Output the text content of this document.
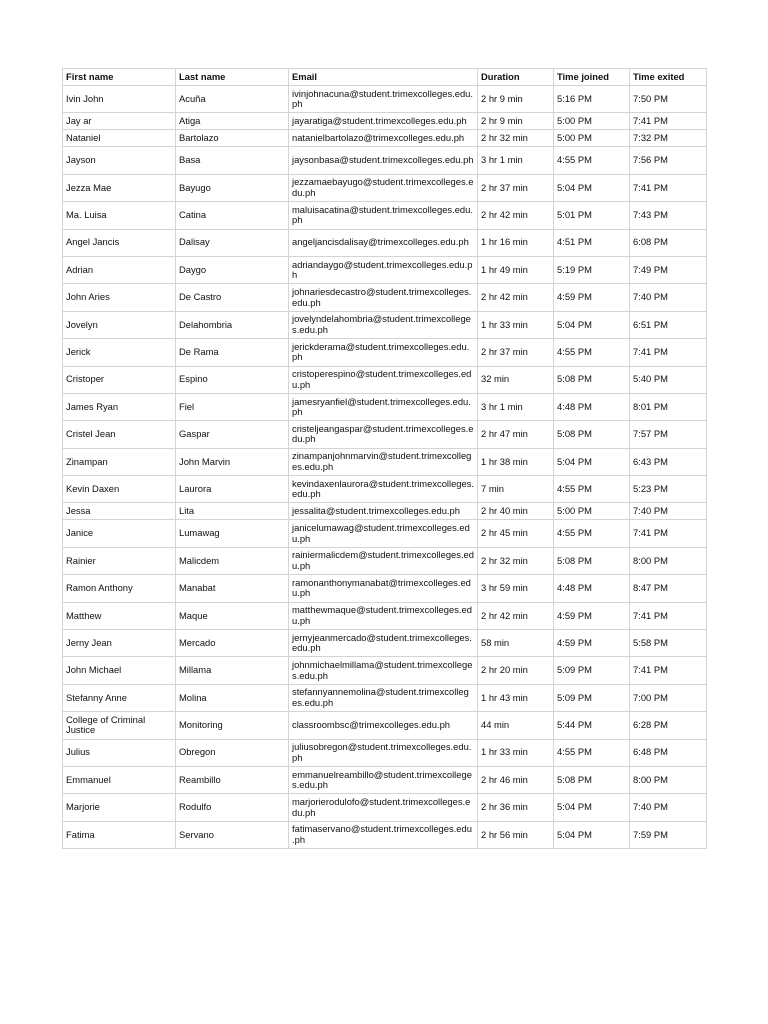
First name	Last name	Email	Duration	Time joined	Time exited
Ivin John	Acuña	ivinjohnacuna@student.trimexcolleges.edu.ph	2 hr 9 min	5:16 PM	7:50 PM
Jay ar	Atiga	jayaratiga@student.trimexcolleges.edu.ph	2 hr 9 min	5:00 PM	7:41 PM
Nataniel	Bartolazo	natanielbartolazo@trimexcolleges.edu.ph	2 hr 32 min	5:00 PM	7:32 PM
Jayson	Basa	jaysonbasa@student.trimexcolleges.edu.ph	3 hr 1 min	4:55 PM	7:56 PM
Jezza Mae	Bayugo	jezzamaebayugo@student.trimexcolleges.edu.ph	2 hr 37 min	5:04 PM	7:41 PM
Ma. Luisa	Catina	maluisacatina@student.trimexcolleges.edu.ph	2 hr 42 min	5:01 PM	7:43 PM
Angel Jancis	Dalisay	angeljancisdalisay@trimexcolleges.edu.ph	1 hr 16 min	4:51 PM	6:08 PM
Adrian	Daygo	adriandaygo@student.trimexcolleges.edu.ph	1 hr 49 min	5:19 PM	7:49 PM
John Aries	De Castro	johnariesdecastro@student.trimexcolleges.edu.ph	2 hr 42 min	4:59 PM	7:40 PM
Jovelyn	Delahombria	jovelyndelahombria@student.trimexcolleges.edu.ph	1 hr 33 min	5:04 PM	6:51 PM
Jerick	De Rama	jerickderama@student.trimexcolleges.edu.ph	2 hr 37 min	4:55 PM	7:41 PM
Cristoper	Espino	cristoperespino@student.trimexcolleges.edu.ph	32 min	5:08 PM	5:40 PM
James Ryan	Fiel	jamesryanfiel@student.trimexcolleges.edu.ph	3 hr 1 min	4:48 PM	8:01 PM
Cristel Jean	Gaspar	cristeljeangaspar@student.trimexcolleges.edu.ph	2 hr 47 min	5:08 PM	7:57 PM
Zinampan	John Marvin	zinampanjohnmarvin@student.trimexcolleges.edu.ph	1 hr 38 min	5:04 PM	6:43 PM
Kevin Daxen	Laurora	kevindaxenlaurora@student.trimexcolleges.edu.ph	7 min	4:55 PM	5:23 PM
Jessa	Lita	jessalita@student.trimexcolleges.edu.ph	2 hr 40 min	5:00 PM	7:40 PM
Janice	Lumawag	janicelumawag@student.trimexcolleges.edu.ph	2 hr 45 min	4:55 PM	7:41 PM
Rainier	Malicdem	rainiermalicdem@student.trimexcolleges.edu.ph	2 hr 32 min	5:08 PM	8:00 PM
Ramon Anthony	Manabat	ramonanthonymanabat@trimexcolleges.edu.ph	3 hr 59 min	4:48 PM	8:47 PM
Matthew	Maque	matthewmaque@student.trimexcolleges.edu.ph	2 hr 42 min	4:59 PM	7:41 PM
Jerny Jean	Mercado	jernyjeanmercado@student.trimexcolleges.edu.ph	58 min	4:59 PM	5:58 PM
John Michael	Millama	johnmichaelmillama@student.trimexcolleges.edu.ph	2 hr 20 min	5:09 PM	7:41 PM
Stefanny Anne	Molina	stefannyannemolina@student.trimexcolleges.edu.ph	1 hr 43 min	5:09 PM	7:00 PM
College of Criminal Justice	Monitoring	classroombsc@trimexcolleges.edu.ph	44 min	5:44 PM	6:28 PM
Julius	Obregon	juliusobregon@student.trimexcolleges.edu.ph	1 hr 33 min	4:55 PM	6:48 PM
Emmanuel	Reambillo	emmanuelreambillo@student.trimexcolleges.edu.ph	2 hr 46 min	5:08 PM	8:00 PM
Marjorie	Rodulfo	marjorierodulofo@student.trimexcolleges.edu.ph	2 hr 36 min	5:04 PM	7:40 PM
Fatima	Servano	fatimaservano@student.trimexcolleges.edu.ph	2 hr 56 min	5:04 PM	7:59 PM
